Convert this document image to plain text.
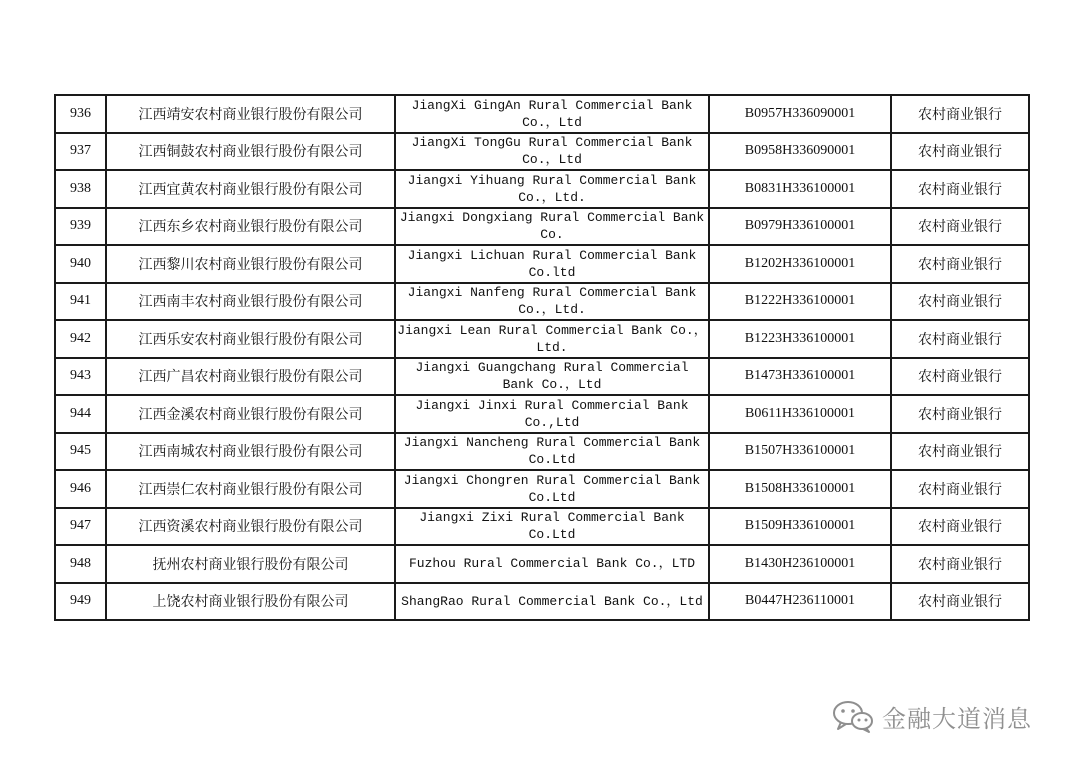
936	江西靖安农村商业银行股份有限公司	JiangXi GingAn Rural Commercial Bank Co.，Ltd	B0957H336090001	农村商业银行
937	江西铜鼓农村商业银行股份有限公司	JiangXi TongGu Rural Commercial Bank Co.，Ltd	B0958H336090001	农村商业银行
938	江西宜黄农村商业银行股份有限公司	Jiangxi Yihuang Rural Commercial Bank Co.，Ltd.	B0831H336100001	农村商业银行
939	江西东乡农村商业银行股份有限公司	Jiangxi Dongxiang Rural Commercial Bank Co.	B0979H336100001	农村商业银行
940	江西黎川农村商业银行股份有限公司	Jiangxi Lichuan Rural Commercial Bank Co.ltd	B1202H336100001	农村商业银行
941	江西南丰农村商业银行股份有限公司	Jiangxi Nanfeng Rural Commercial Bank Co.，Ltd.	B1222H336100001	农村商业银行
942	江西乐安农村商业银行股份有限公司	Jiangxi Lean Rural Commercial Bank Co.，Ltd.	B1223H336100001	农村商业银行
943	江西广昌农村商业银行股份有限公司	Jiangxi Guangchang Rural Commercial Bank Co.，Ltd	B1473H336100001	农村商业银行
944	江西金溪农村商业银行股份有限公司	Jiangxi Jinxi Rural Commercial Bank Co.,Ltd	B0611H336100001	农村商业银行
945	江西南城农村商业银行股份有限公司	Jiangxi Nancheng Rural Commercial Bank Co.Ltd	B1507H336100001	农村商业银行
946	江西崇仁农村商业银行股份有限公司	Jiangxi Chongren Rural Commercial Bank Co.Ltd	B1508H336100001	农村商业银行
947	江西资溪农村商业银行股份有限公司	Jiangxi Zixi Rural Commercial Bank Co.Ltd	B1509H336100001	农村商业银行
948	抚州农村商业银行股份有限公司	Fuzhou Rural Commercial Bank Co.，LTD	B1430H236100001	农村商业银行
949	上饶农村商业银行股份有限公司	ShangRao Rural Commercial Bank Co.，Ltd	B0447H236110001	农村商业银行
金融大道消息
